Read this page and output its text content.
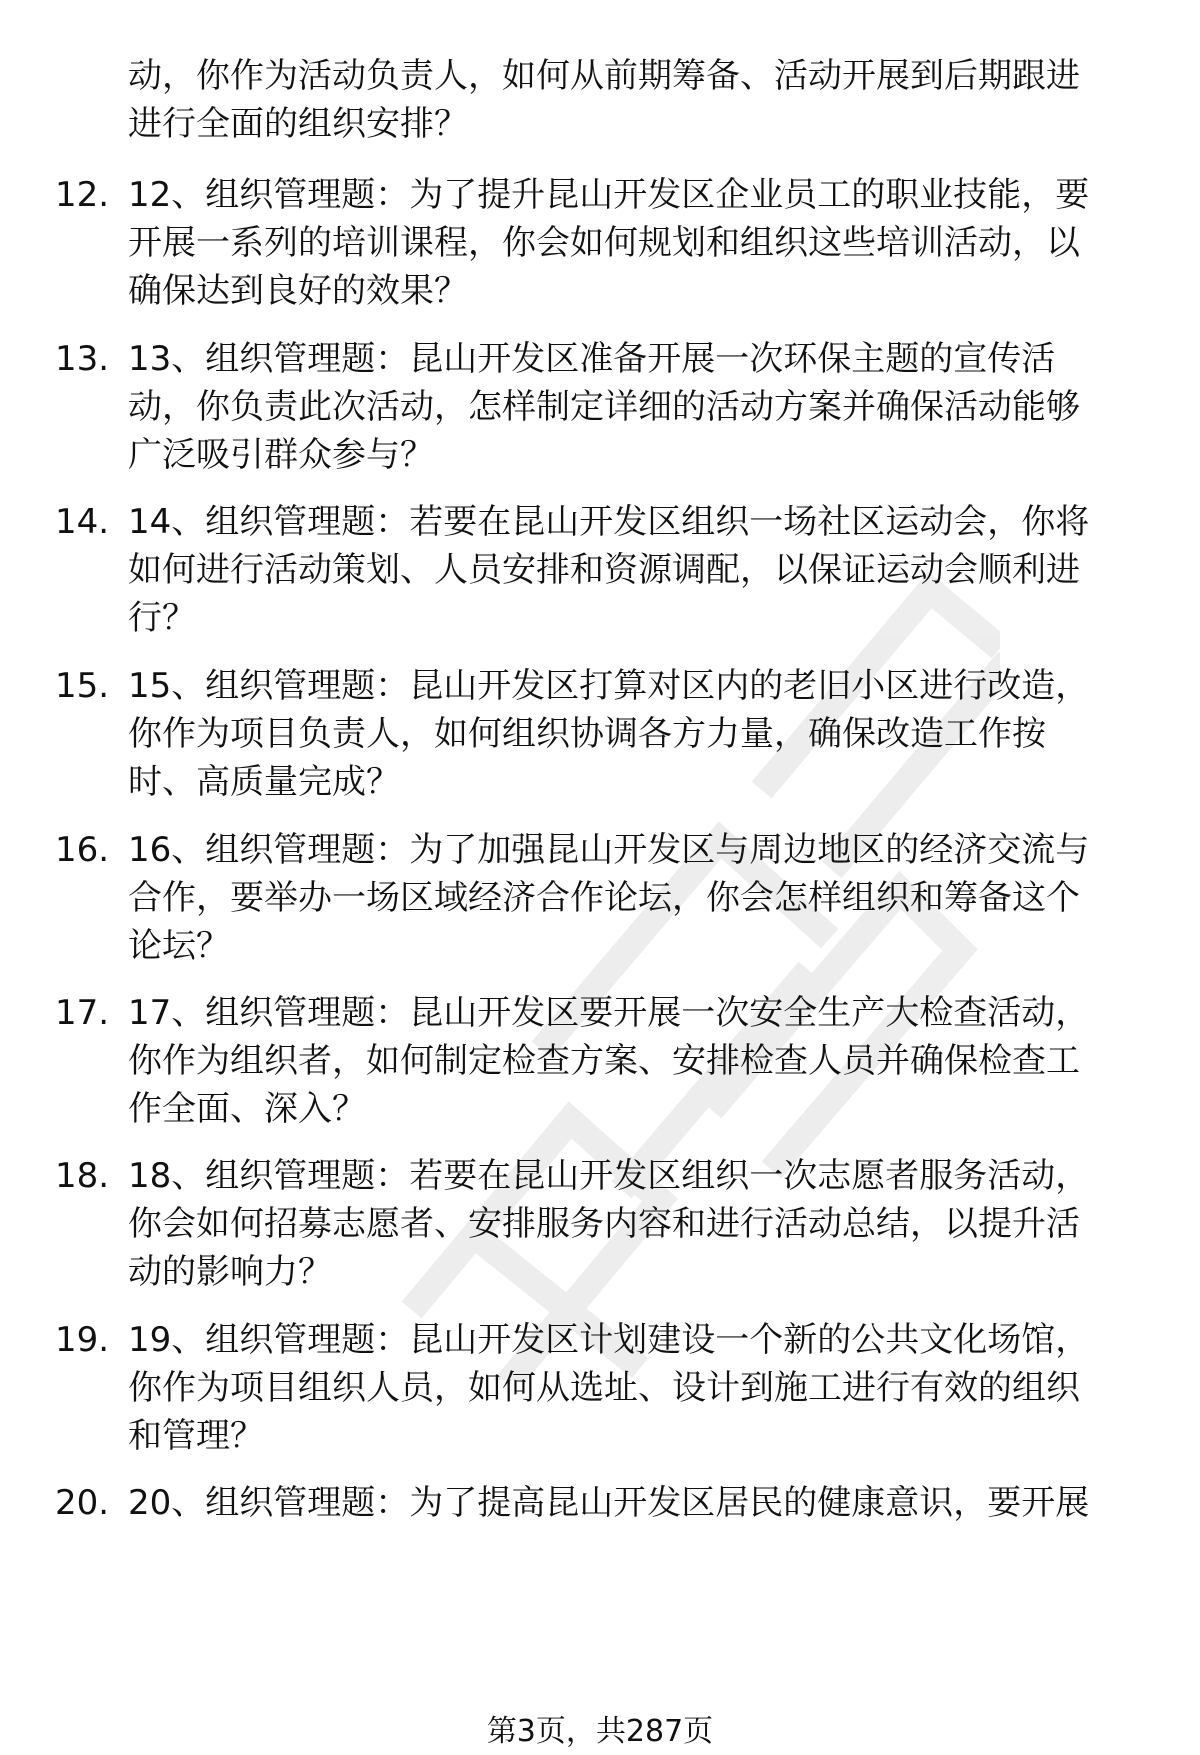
动，你作为活动负责人，如何从前期筹备、活动开展到后期跟进
进行全面的组织安排？
12. 12、组织管理题：为了提升昆山开发区企业员工的职业技能，要
开展一系列的培训课程，你会如何规划和组织这些培训活动，以
确保达到良好的效果？
13. 13、组织管理题：昆山开发区准备开展一次环保主题的宣传活
动，你负责此次活动，怎样制定详细的活动方案并确保活动能够
广泛吸引群众参与？
14. 14、组织管理题：若要在昆山开发区组织一场社区运动会，你将
如何进行活动策划、人员安排和资源调配，以保证运动会顺利进
行？
15. 15、组织管理题：昆山开发区打算对区内的老旧小区进行改造，
你作为项目负责人，如何组织协调各方力量，确保改造工作按
时、高质量完成？
16. 16、组织管理题：为了加强昆山开发区与周边地区的经济交流与
合作，要举办一场区域经济合作论坛，你会怎样组织和筹备这个
论坛？
17. 17、组织管理题：昆山开发区要开展一次安全生产大检查活动，
你作为组织者，如何制定检查方案、安排检查人员并确保检查工
作全面、深入？
18. 18、组织管理题：若要在昆山开发区组织一次志愿者服务活动，
你会如何招募志愿者、安排服务内容和进行活动总结，以提升活
动的影响力？
19. 19、组织管理题：昆山开发区计划建设一个新的公共文化场馆，
你作为项目组织人员，如何从选址、设计到施工进行有效的组织
和管理？
20. 20、组织管理题：为了提高昆山开发区居民的健康意识，要开展
第3页，共287页
